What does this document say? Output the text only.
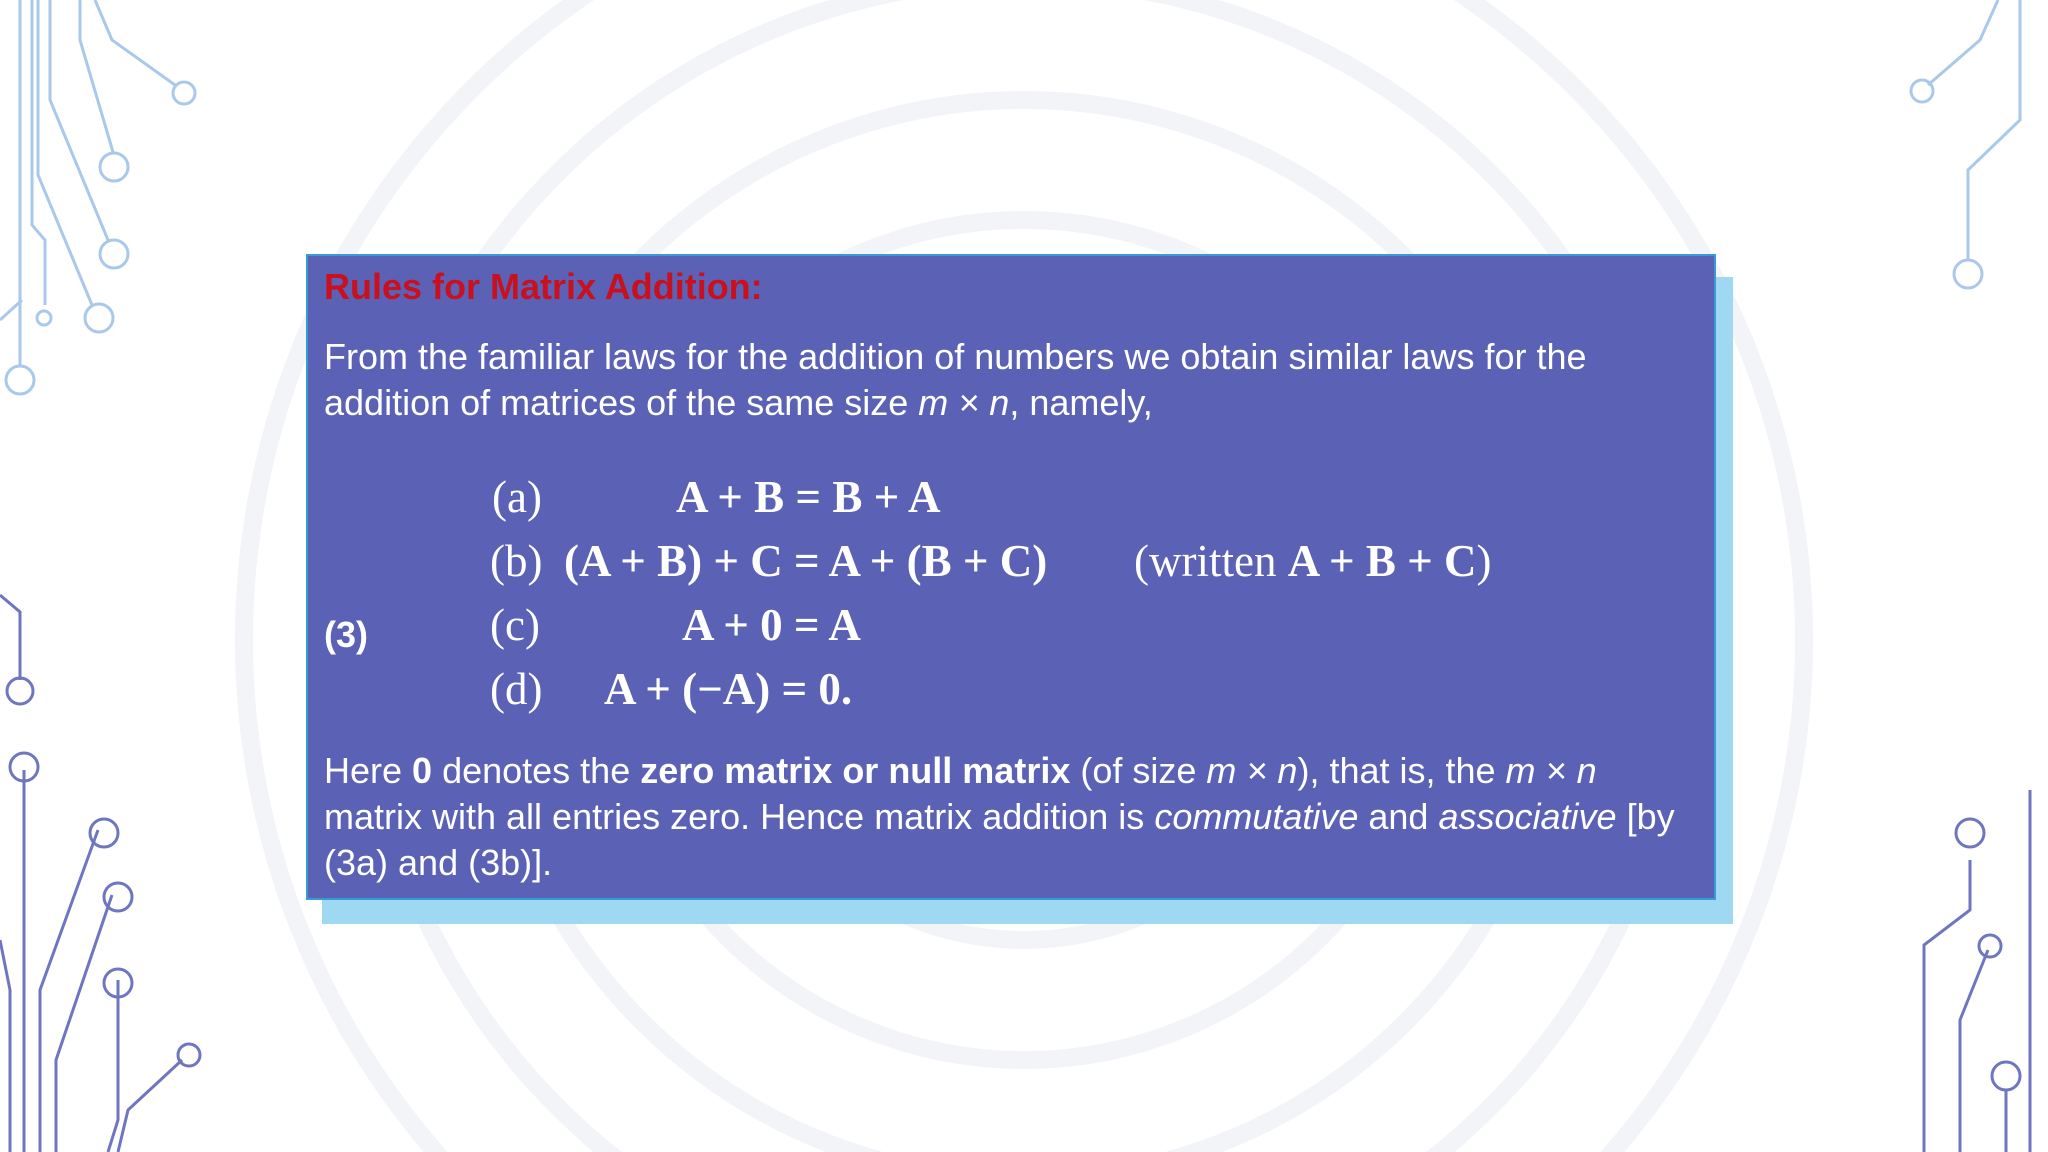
Rules for Matrix Addition:
From the familiar laws for the addition of numbers we obtain similar laws for the addition of matrices of the same size m × n, namely,
(3)
(a)	A + B = B + A
(b) (A + B) + C = A + (B + C) (written A + B + C)
(c)	A + 0 = A
(d) A + (−A) = 0.
Here 0 denotes the zero matrix or null matrix (of size m × n), that is, the m × n matrix with all entries zero. Hence matrix addition is commutative and associative [by (3a) and (3b)].
